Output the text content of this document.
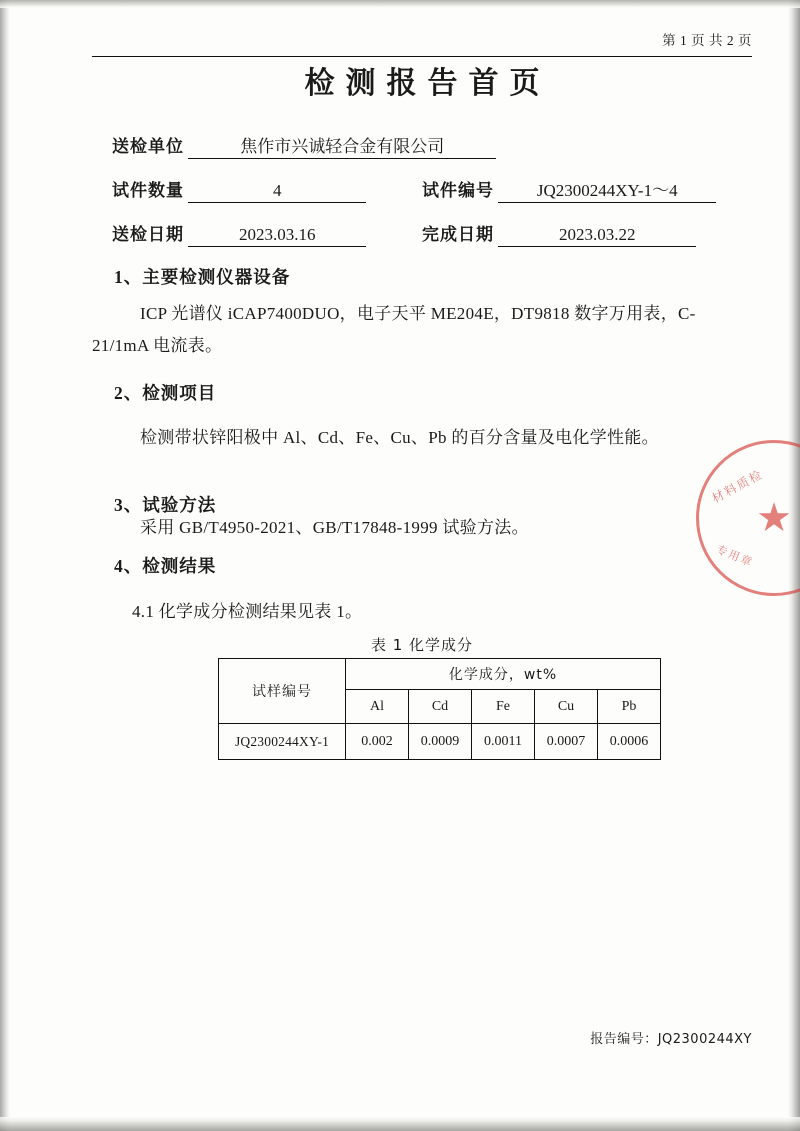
第 1 页 共 2 页
检测报告首页
送检单位	焦作市兴诚轻合金有限公司
试件数量	4	试件编号	JQ2300244XY-1～4
送检日期	2023.03.16	完成日期	2023.03.22
1、主要检测仪器设备
ICP 光谱仪 iCAP7400DUO，电子天平 ME204E，DT9818 数字万用表，C-21/1mA 电流表。
2、检测项目
检测带状锌阳极中 Al、Cd、Fe、Cu、Pb 的百分含量及电化学性能。
3、试验方法
采用 GB/T4950-2021、GB/T17848-1999 试验方法。
4、检测结果
4.1 化学成分检测结果见表 1。
表 1 化学成分
试样编号	化学成分，wt%				
	Al	Cd	Fe	Cu	Pb
JQ2300244XY-1	0.002	0.0009	0.0011	0.0007	0.0006
报告编号：JQ2300244XY
材料质检
★
专用章
